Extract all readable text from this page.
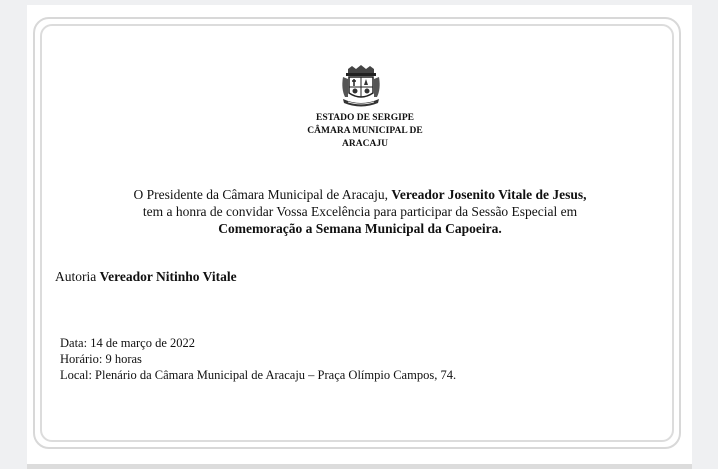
ESTADO DE SERGIPE
CÂMARA MUNICIPAL DE
ARACAJU
O Presidente da Câmara Municipal de Aracaju, Vereador Josenito Vitale de Jesus,
tem a honra de convidar Vossa Excelência para participar da Sessão Especial em
Comemoração a Semana Municipal da Capoeira.
Autoria Vereador Nitinho Vitale
Data: 14 de março de 2022
Horário: 9 horas
Local: Plenário da Câmara Municipal de Aracaju – Praça Olímpio Campos, 74.
